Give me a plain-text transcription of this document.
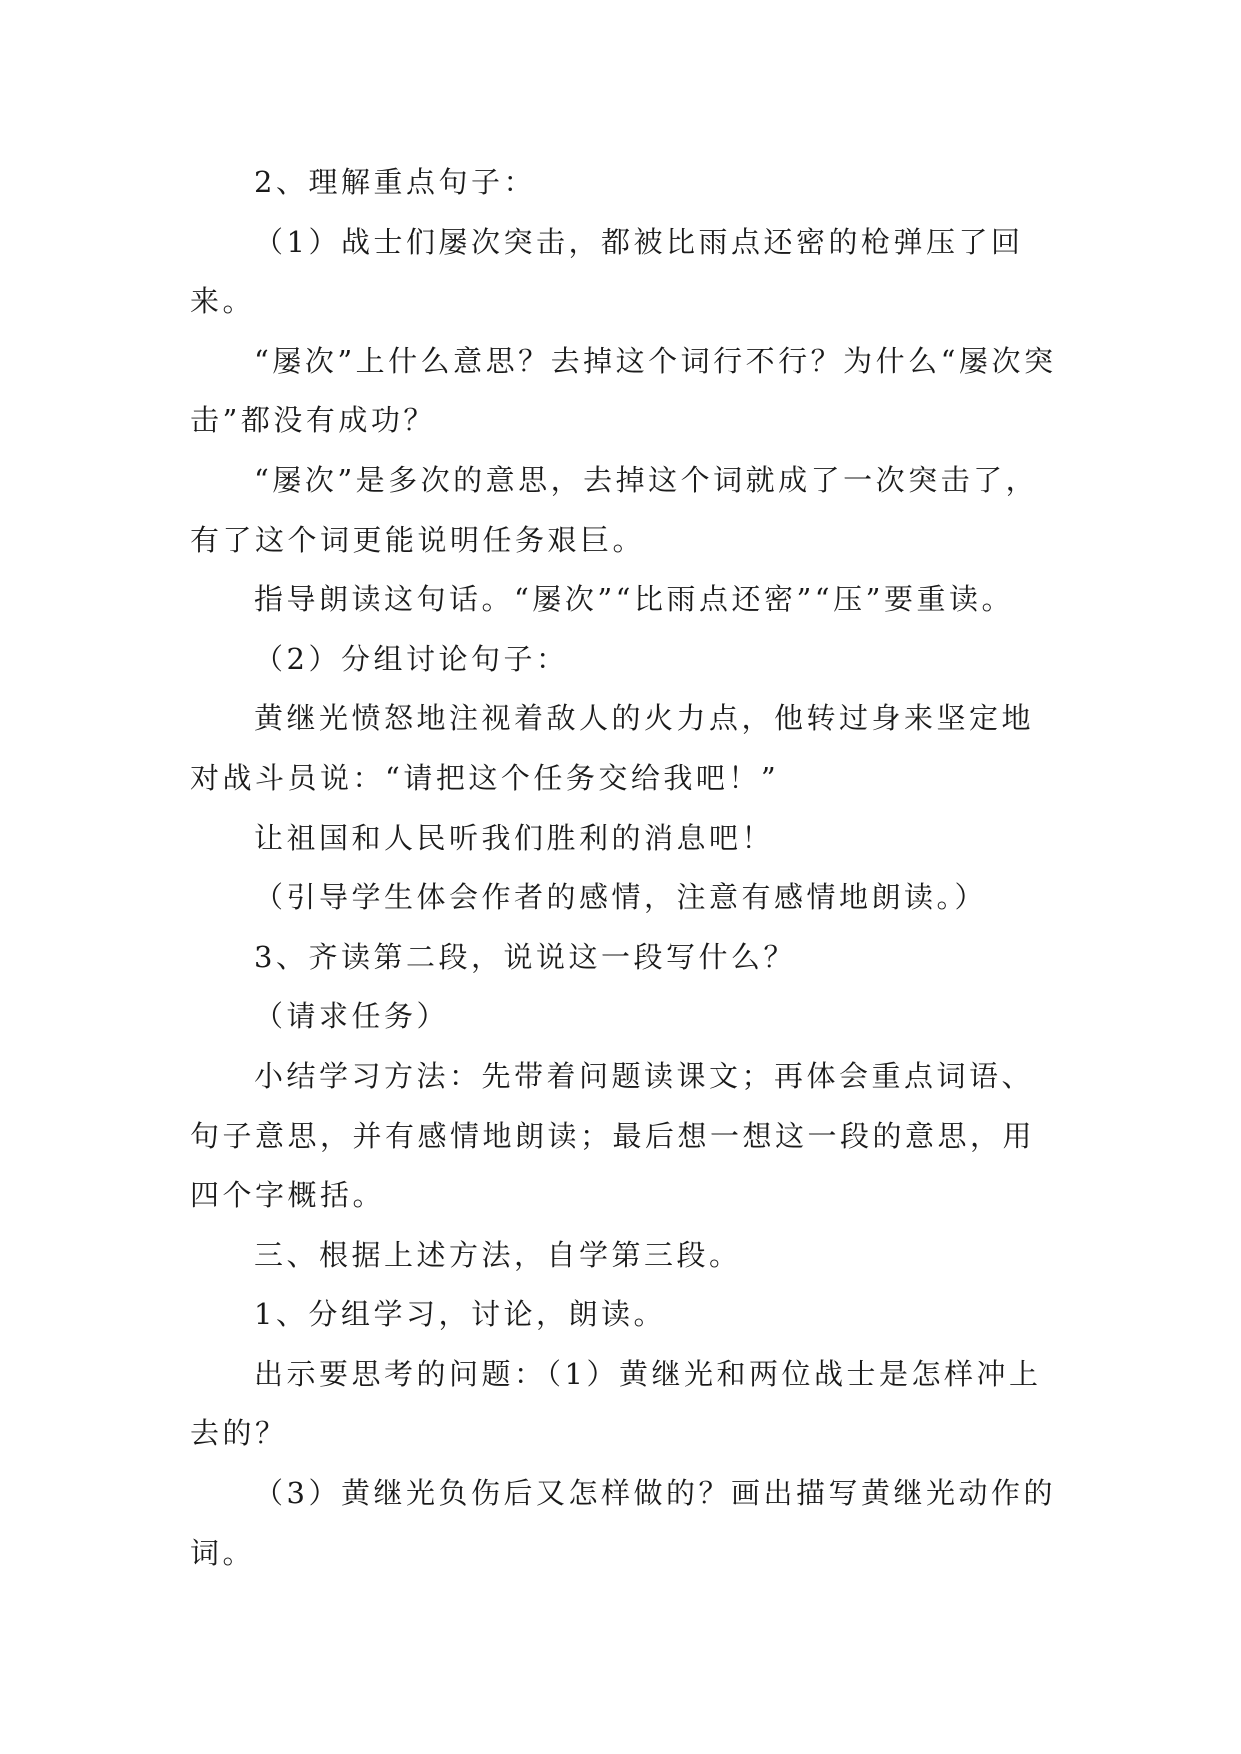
2、理解重点句子：

（1）战士们屡次突击，都被比雨点还密的枪弹压了回来。

“屡次”上什么意思？去掉这个词行不行？为什么“屡次突击”都没有成功？

“屡次”是多次的意思，去掉这个词就成了一次突击了，有了这个词更能说明任务艰巨。

指导朗读这句话。“屡次”“比雨点还密”“压”要重读。

（2）分组讨论句子：

黄继光愤怒地注视着敌人的火力点，他转过身来坚定地对战斗员说：“请把这个任务交给我吧！”

让祖国和人民听我们胜利的消息吧！

（引导学生体会作者的感情，注意有感情地朗读。）

3、齐读第二段，说说这一段写什么？

（请求任务）

小结学习方法：先带着问题读课文；再体会重点词语、句子意思，并有感情地朗读；最后想一想这一段的意思，用四个字概括。

三、根据上述方法，自学第三段。

1、分组学习，讨论，朗读。

出示要思考的问题：（1）黄继光和两位战士是怎样冲上去的？

（3）黄继光负伤后又怎样做的？画出描写黄继光动作的词。
